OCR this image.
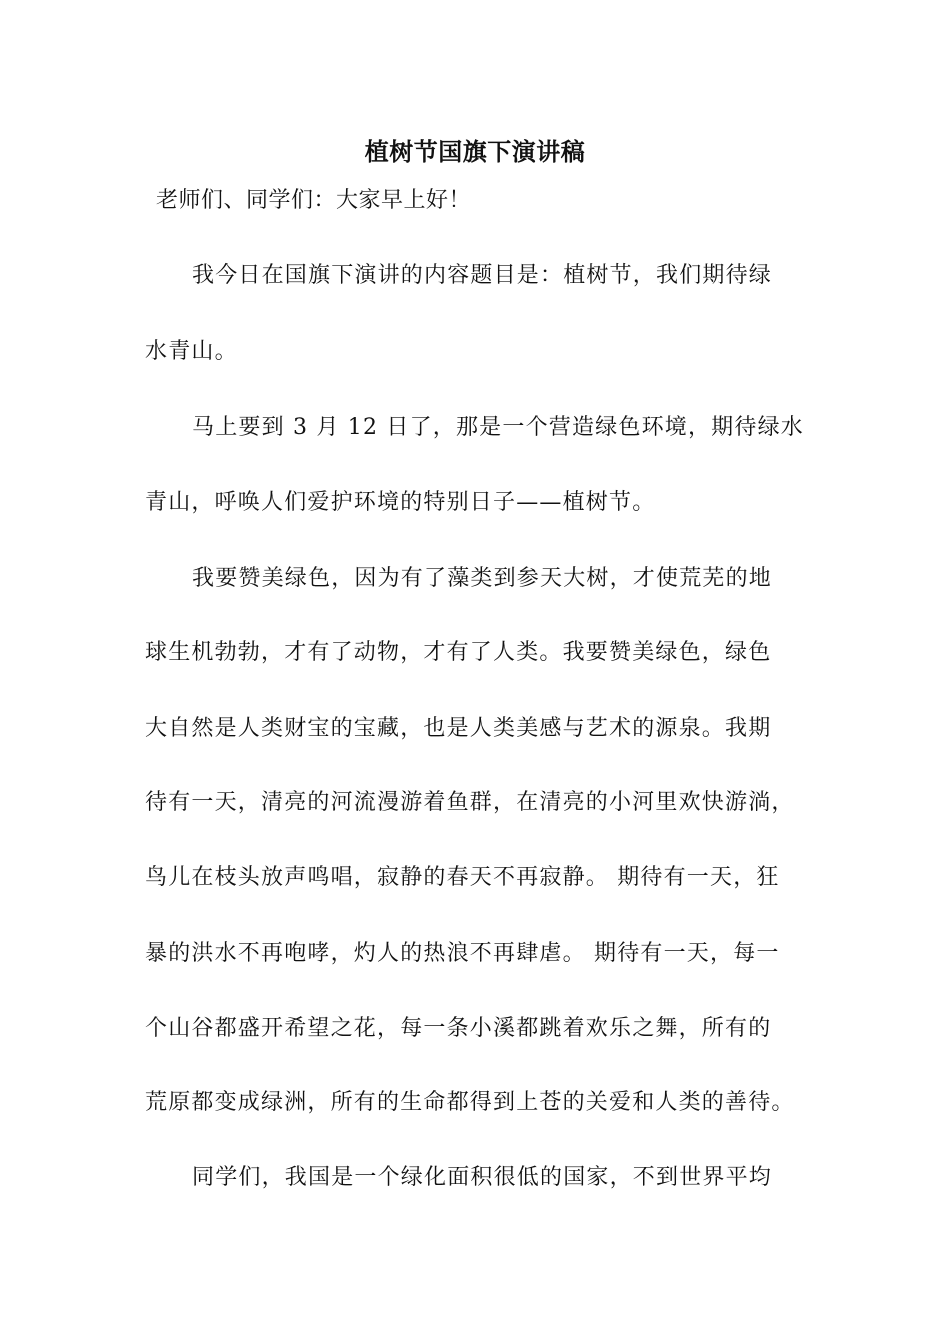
植树节国旗下演讲稿
老师们、同学们：大家早上好！
我今日在国旗下演讲的内容题目是：植树节，我们期待绿
水青山。
马上要到 3 月 12 日了，那是一个营造绿色环境，期待绿水
青山，呼唤人们爱护环境的特别日子——植树节。
我要赞美绿色，因为有了藻类到参天大树，才使荒芜的地
球生机勃勃，才有了动物，才有了人类。我要赞美绿色，绿色
大自然是人类财宝的宝藏，也是人类美感与艺术的源泉。我期
待有一天，清亮的河流漫游着鱼群，在清亮的小河里欢快游淌，
鸟儿在枝头放声鸣唱，寂静的春天不再寂静。 期待有一天，狂
暴的洪水不再咆哮，灼人的热浪不再肆虐。 期待有一天，每一
个山谷都盛开希望之花，每一条小溪都跳着欢乐之舞，所有的
荒原都变成绿洲，所有的生命都得到上苍的关爱和人类的善待。
同学们，我国是一个绿化面积很低的国家，不到世界平均
